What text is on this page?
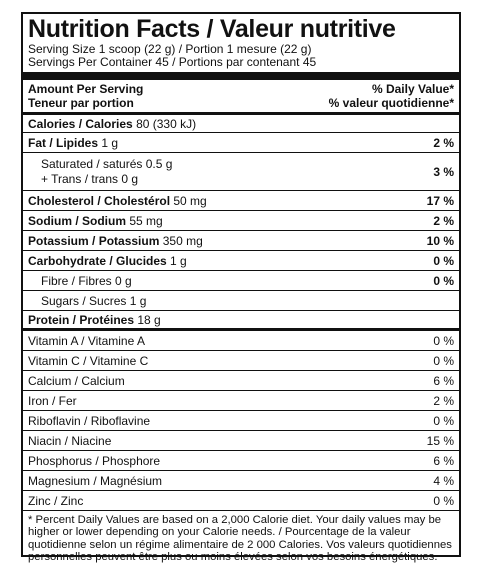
Nutrition Facts / Valeur nutritive
Serving Size 1 scoop (22 g) / Portion 1 mesure (22 g)
Servings Per Container 45 / Portions par contenant 45
Amount Per Serving	% Daily Value*
Teneur par portion	% valeur quotidienne*
Calories / Calories 80 (330 kJ)
Fat / Lipides 1 g	2 %
Saturated / saturés 0.5 g
+ Trans / trans 0 g	3 %
Cholesterol / Cholestérol 50 mg	17 %
Sodium / Sodium 55 mg	2 %
Potassium / Potassium 350 mg	10 %
Carbohydrate / Glucides 1 g	0 %
Fibre / Fibres 0 g	0 %
Sugars / Sucres 1 g
Protein / Protéines 18 g
Vitamin A / Vitamine A	0 %
Vitamin C / Vitamine C	0 %
Calcium / Calcium	6 %
Iron / Fer	2 %
Riboflavin / Riboflavine	0 %
Niacin / Niacine	15 %
Phosphorus / Phosphore	6 %
Magnesium / Magnésium	4 %
Zinc / Zinc	0 %
* Percent Daily Values are based on a 2,000 Calorie diet. Your daily values may be higher or lower depending on your Calorie needs. / Pourcentage de la valeur quotidienne selon un régime alimentaire de 2 000 Calories. Vos valeurs quotidiennes personnelles peuvent être plus ou moins élevées selon vos besoins énergétiques.
